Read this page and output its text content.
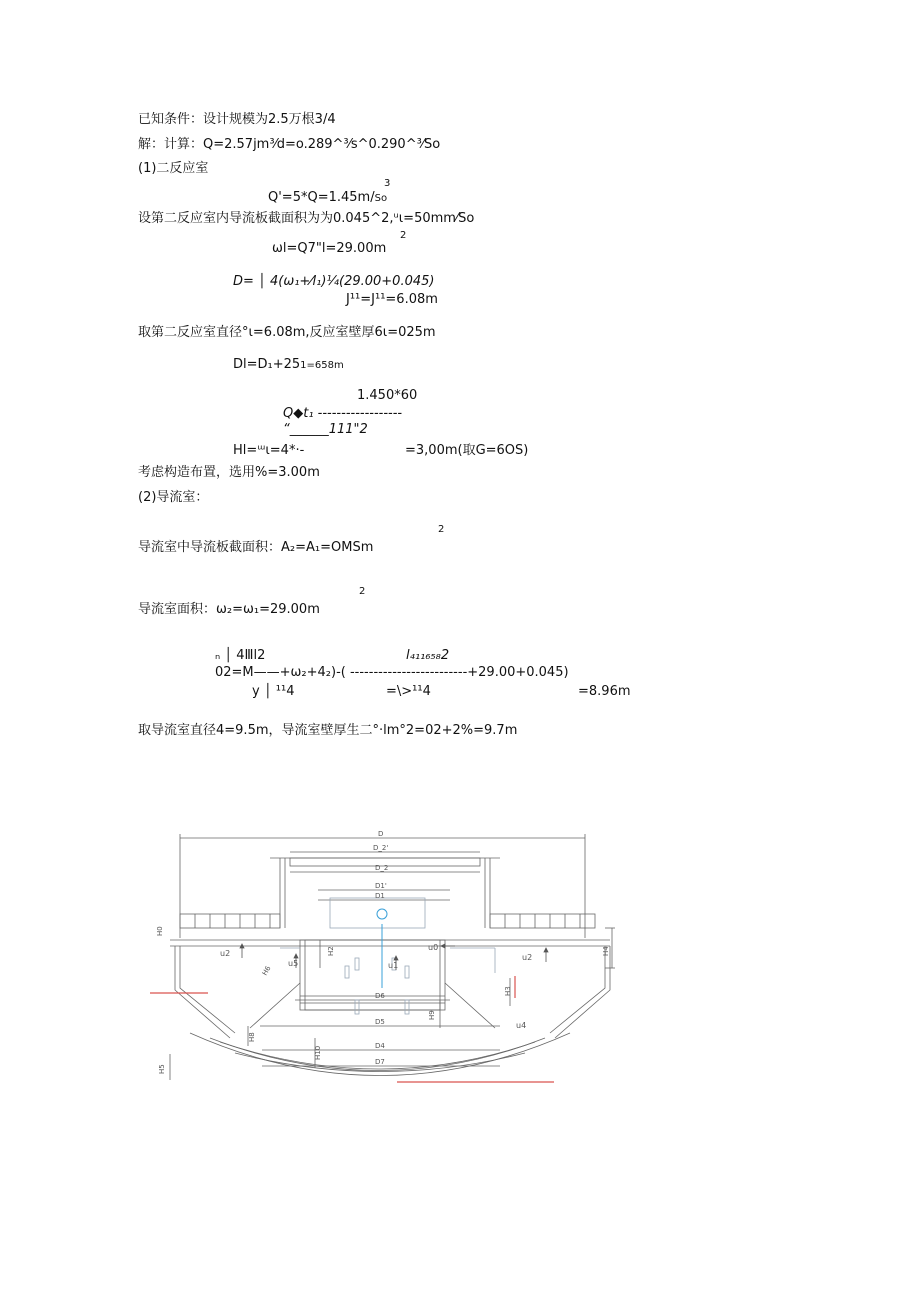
已知条件：设计规模为2.5万根3/4
解：计算：Q=2.57jm³⁄d=o.289^³⁄s^0.290^³⁄So
(1)二反应室
3
Q'=5*Q=1.45m/So
设第二反应室内导流板截面积为为0.045^2,ᵘι=50mm⁄So
2
ωl=Q7"l=29.00m
D= │ 4(ω₁+⁄l₁)¼(29.00+0.045)
J¹¹=J¹¹=6.08m
取第二反应室直径°ι=6.08m,反应室壁厚6ι=025m
Dl=D₁+251=658m
1.450*60
Q◆t₁ ------------------
“______111"2
Hl=ᵚι=4*·-	=3,00m(取G=6OS)
考虑构造布置，选用%=3.00m
(2)导流室：
2
导流室中导流板截面积：A₂=A₁=OMSm
2
导流室面积：ω₂=ω₁=29.00m
ₙ │ 4Ⅲl2	l₄₁₁₆₅₈2
02=M——+ω₂+4₂)-( -------------------------+29.00+0.045)
y │ ¹¹4	=\>¹¹4	=8.96m
取导流室直径4=9.5m，导流室壁厚生二°·lm°2=02+2%=9.7m
D
D_2'
D_2
D1'
D1
D6
D5
D4
D7
H0
H2
H3
H4
H5
H6
H8
H9
H10
u2	u2
u5	u1
u0
u4
